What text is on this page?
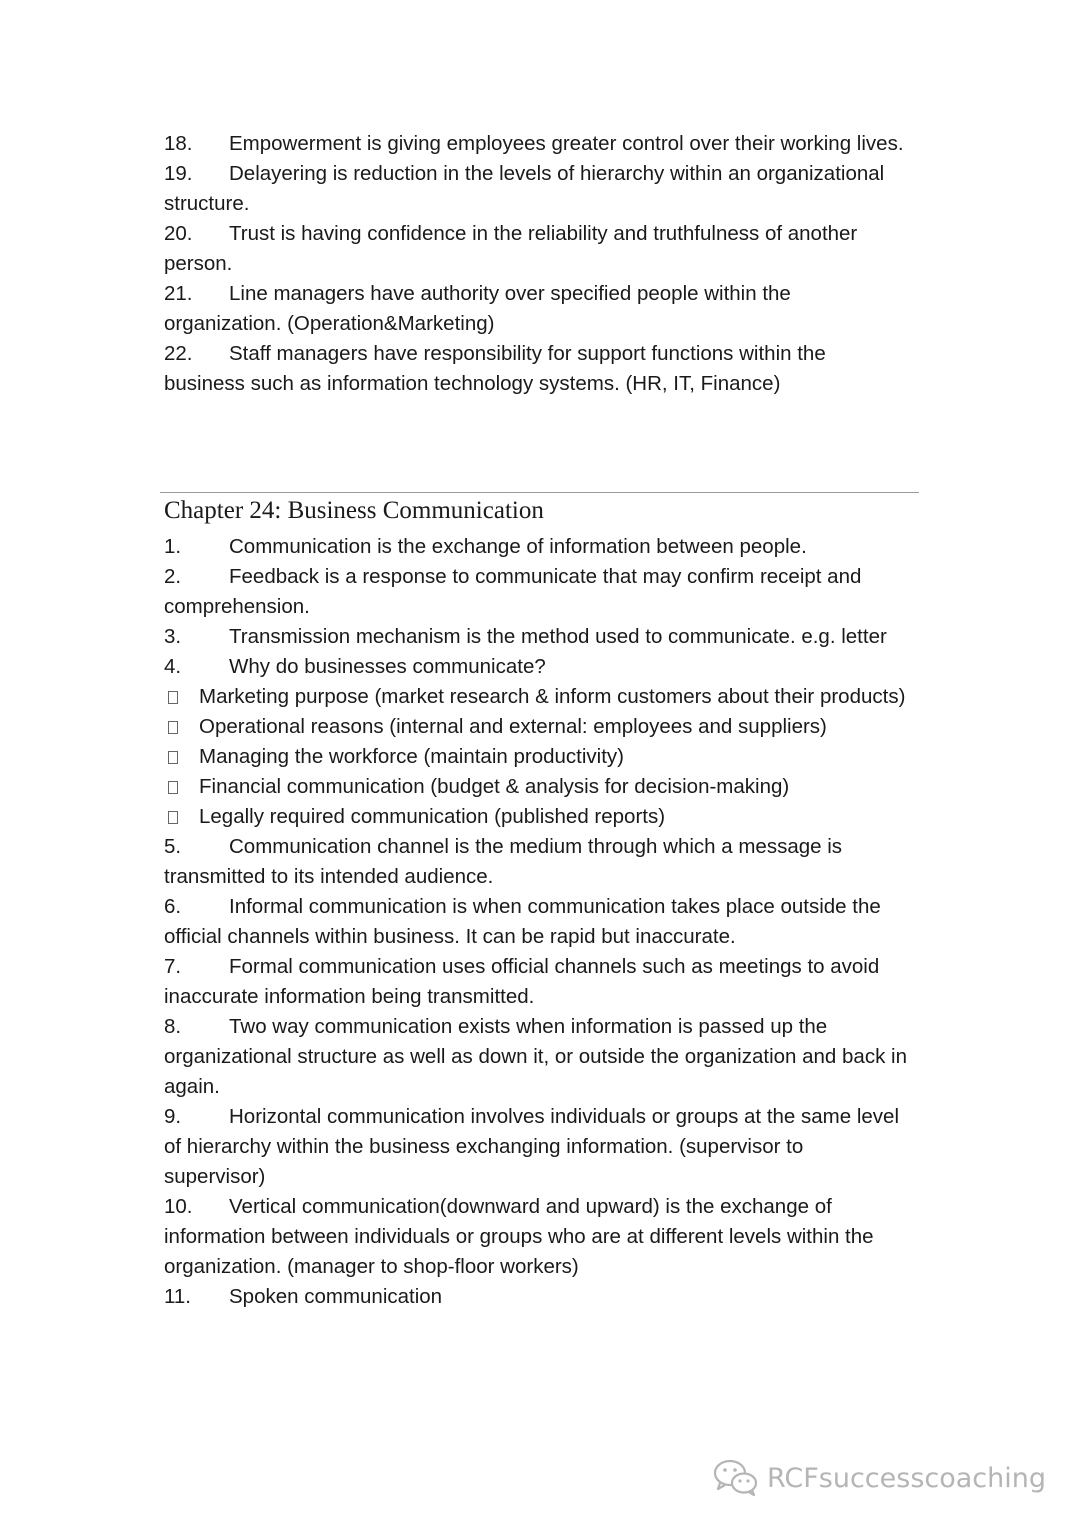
18. Empowerment is giving employees greater control over their working lives.

19. Delayering is reduction in the levels of hierarchy within an organizational structure.

20. Trust is having confidence in the reliability and truthfulness of another person.

21. Line managers have authority over specified people within the organization. (Operation&Marketing)

22. Staff managers have responsibility for support functions within the business such as information technology systems. (HR, IT, Finance)

Chapter 24: Business Communication

1. Communication is the exchange of information between people.

2. Feedback is a response to communicate that may confirm receipt and comprehension.

3. Transmission mechanism is the method used to communicate. e.g. letter

4. Why do businesses communicate?

Marketing purpose (market research & inform customers about their products)

Operational reasons (internal and external: employees and suppliers)

Managing the workforce (maintain productivity)

Financial communication (budget & analysis for decision-making)

Legally required communication (published reports)

5. Communication channel is the medium through which a message is transmitted to its intended audience.

6. Informal communication is when communication takes place outside the official channels within business. It can be rapid but inaccurate.

7. Formal communication uses official channels such as meetings to avoid inaccurate information being transmitted.

8. Two way communication exists when information is passed up the organizational structure as well as down it, or outside the organization and back in again.

9. Horizontal communication involves individuals or groups at the same level of hierarchy within the business exchanging information. (supervisor to supervisor)

10. Vertical communication(downward and upward) is the exchange of information between individuals or groups who are at different levels within the organization. (manager to shop-floor workers)

11. Spoken communication

RCFsuccesscoaching
